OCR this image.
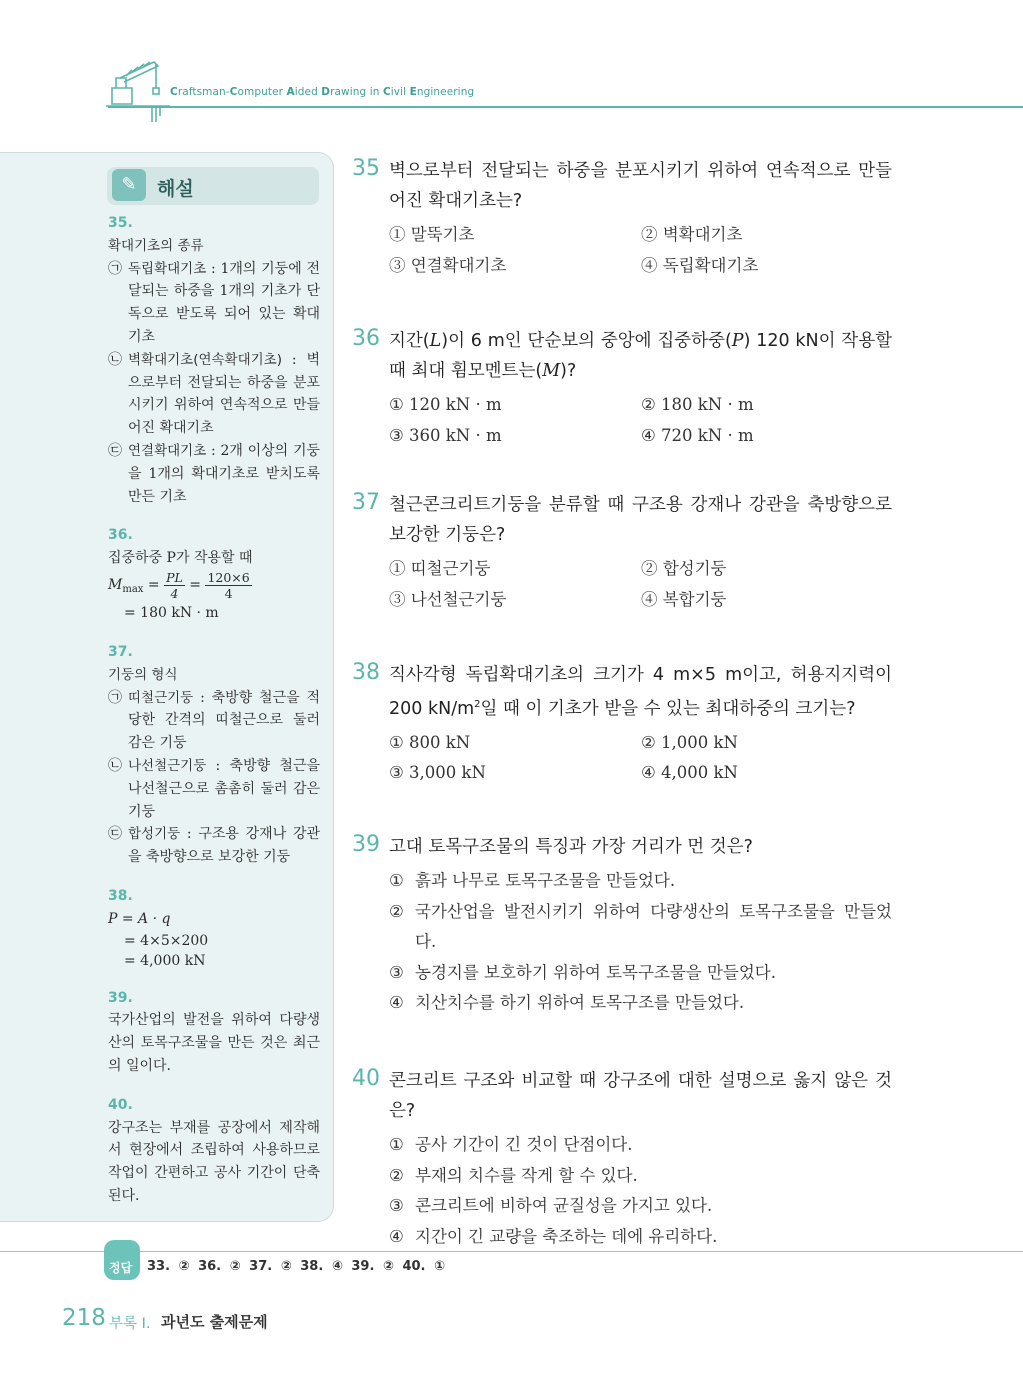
Craftsman-Computer Aided Drawing in Civil Engineering
✎	해설
35.
확대기초의 종류
㉠ 독립확대기초 : 1개의 기둥에 전달되는 하중을 1개의 기초가 단독으로 받도록 되어 있는 확대기초
㉡ 벽확대기초(연속확대기초) : 벽으로부터 전달되는 하중을 분포시키기 위하여 연속적으로 만들어진 확대기초
㉢ 연결확대기초 : 2개 이상의 기둥을 1개의 확대기초로 받치도록 만든 기초
36.
집중하중 P가 작용할 때
$M_{max} = \frac{PL}{4} = \frac{120\times 6}{4}$
= 180 kN · m
37.
기둥의 형식
㉠ 띠철근기둥 : 축방향 철근을 적당한 간격의 띠철근으로 둘러 감은 기둥
㉡ 나선철근기둥 : 축방향 철근을 나선철근으로 촘촘히 둘러 감은 기둥
㉢ 합성기둥 : 구조용 강재나 강관을 축방향으로 보강한 기둥
38.
P = A · q
= 4×5×200
= 4,000 kN
39.
국가산업의 발전을 위하여 다량생산의 토목구조물을 만든 것은 최근의 일이다.
40.
강구조는 부재를 공장에서 제작해서 현장에서 조립하여 사용하므로 작업이 간편하고 공사 기간이 단축된다.
35 벽으로부터 전달되는 하중을 분포시키기 위하여 연속적으로 만들어진 확대기초는?
① 말뚝기초	② 벽확대기초
③ 연결확대기초	④ 독립확대기초
36 지간(L)이 6 m인 단순보의 중앙에 집중하중(P) 120 kN이 작용할 때 최대 휨모멘트는(M)?
① 120 kN · m	② 180 kN · m
③ 360 kN · m	④ 720 kN · m
37 철근콘크리트기둥을 분류할 때 구조용 강재나 강관을 축방향으로 보강한 기둥은?
① 띠철근기둥	② 합성기둥
③ 나선철근기둥	④ 복합기둥
38 직사각형 독립확대기초의 크기가 4 m×5 m이고, 허용지지력이 200 $kN/m^2$일 때 이 기초가 받을 수 있는 최대하중의 크기는?
① 800 kN	② 1,000 kN
③ 3,000 kN	④ 4,000 kN
39 고대 토목구조물의 특징과 가장 거리가 먼 것은?
① 흙과 나무로 토목구조물을 만들었다.
② 국가산업을 발전시키기 위하여 다량생산의 토목구조물을 만들었다.
③ 농경지를 보호하기 위하여 토목구조물을 만들었다.
④ 치산치수를 하기 위하여 토목구조를 만들었다.
40 콘크리트 구조와 비교할 때 강구조에 대한 설명으로 옳지 않은 것은?
① 공사 기간이 긴 것이 단점이다.
② 부재의 치수를 작게 할 수 있다.
③ 콘크리트에 비하여 균질성을 가지고 있다.
④ 지간이 긴 교량을 축조하는 데에 유리하다.
정답 33. ② 36. ② 37. ② 38. ④ 39. ② 40. ①
218 부록 I. 과년도 출제문제
